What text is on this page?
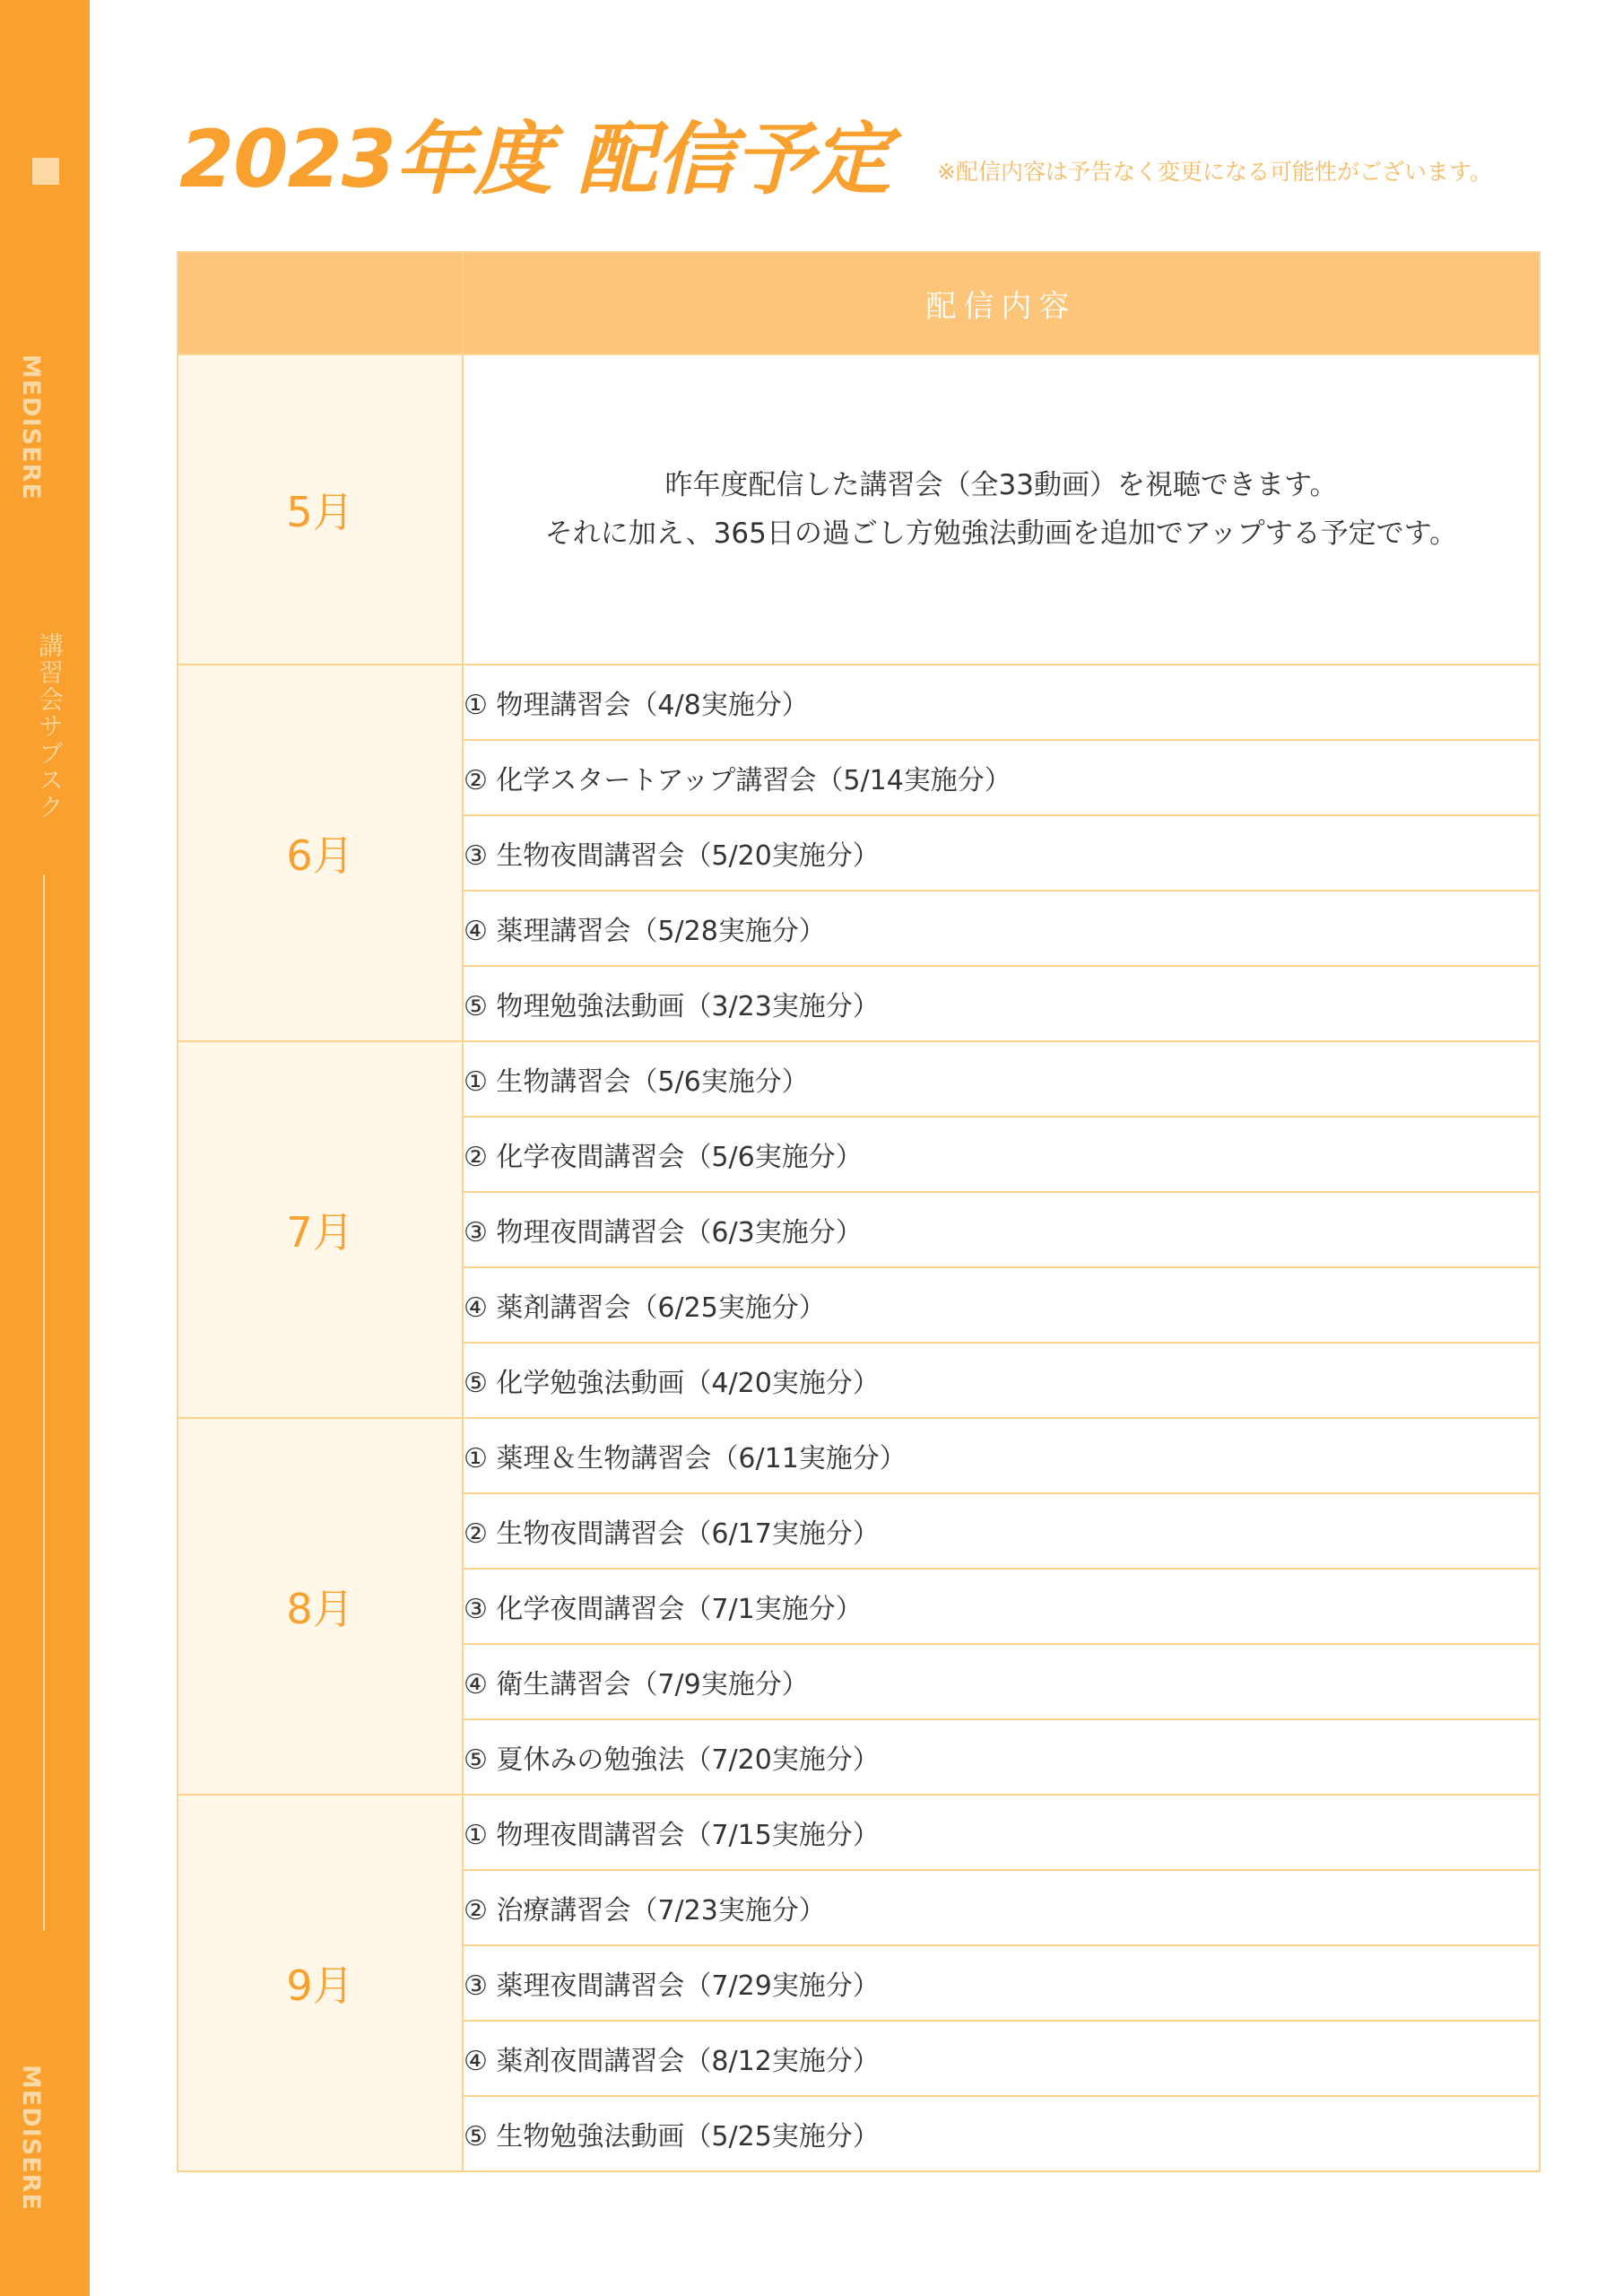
MEDISERE
講習会サブスク
MEDISERE
2023年度 配信予定 ※配信内容は予告なく変更になる可能性がございます。
	配信内容
5月	昨年度配信した講習会（全33動画）を視聴できます。
それに加え、365日の過ごし方勉強法動画を追加でアップする予定です。

6月	① 物理講習会（4/8実施分）
	② 化学スタートアップ講習会（5/14実施分）
	③ 生物夜間講習会（5/20実施分）
	④ 薬理講習会（5/28実施分）
	⑤ 物理勉強法動画（3/23実施分）
7月	① 生物講習会（5/6実施分）
	② 化学夜間講習会（5/6実施分）
	③ 物理夜間講習会（6/3実施分）
	④ 薬剤講習会（6/25実施分）
	⑤ 化学勉強法動画（4/20実施分）
8月	① 薬理＆生物講習会（6/11実施分）
	② 生物夜間講習会（6/17実施分）
	③ 化学夜間講習会（7/1実施分）
	④ 衛生講習会（7/9実施分）
	⑤ 夏休みの勉強法（7/20実施分）
9月	① 物理夜間講習会（7/15実施分）
	② 治療講習会（7/23実施分）
	③ 薬理夜間講習会（7/29実施分）
	④ 薬剤夜間講習会（8/12実施分）
	⑤ 生物勉強法動画（5/25実施分）
